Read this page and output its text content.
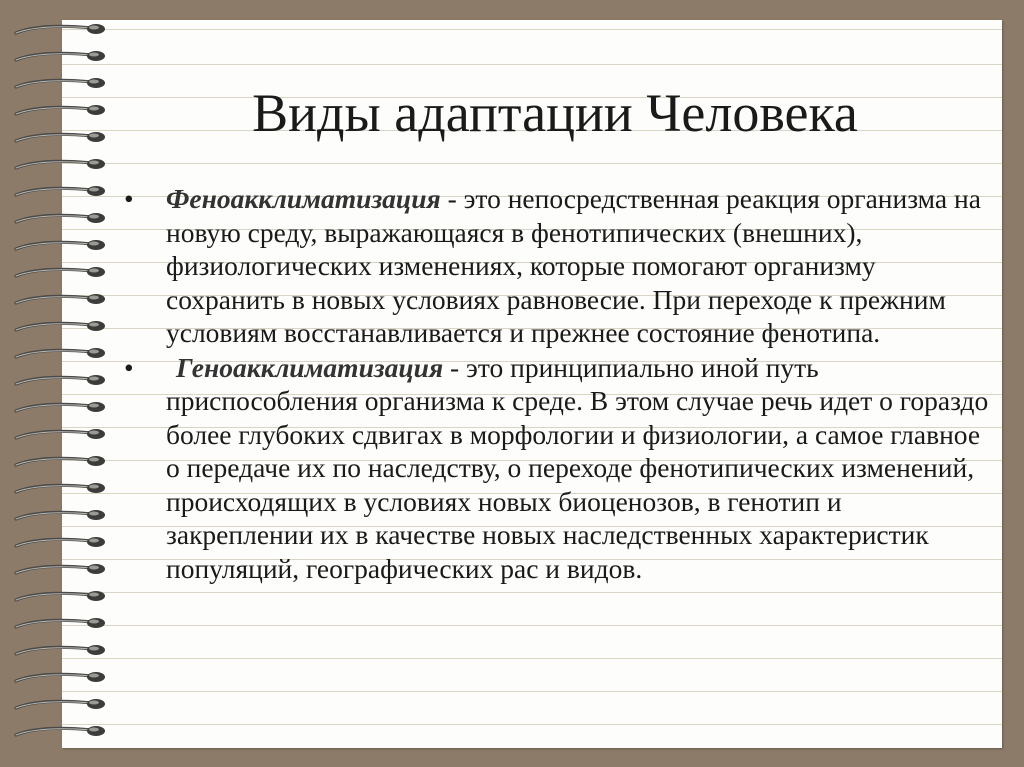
Виды адаптации Человека
• Феноакклиматизация - это непосредственная реакция организма на новую среду, выражающаяся в фенотипических (внешних), физиологических изменениях, которые помогают организму сохранить в новых условиях равновесие. При переходе к прежним условиям восстанавливается и прежнее состояние фенотипа.
• Геноакклиматизация - это принципиально иной путь приспособления организма к среде. В этом случае речь идет о гораздо более глубоких сдвигах в морфологии и физиологии, а самое главное о передаче их по наследству, о переходе фенотипических изменений, происходящих в условиях новых биоценозов, в генотип и закреплении их в качестве новых наследственных характеристик популяций, географических рас и видов.
